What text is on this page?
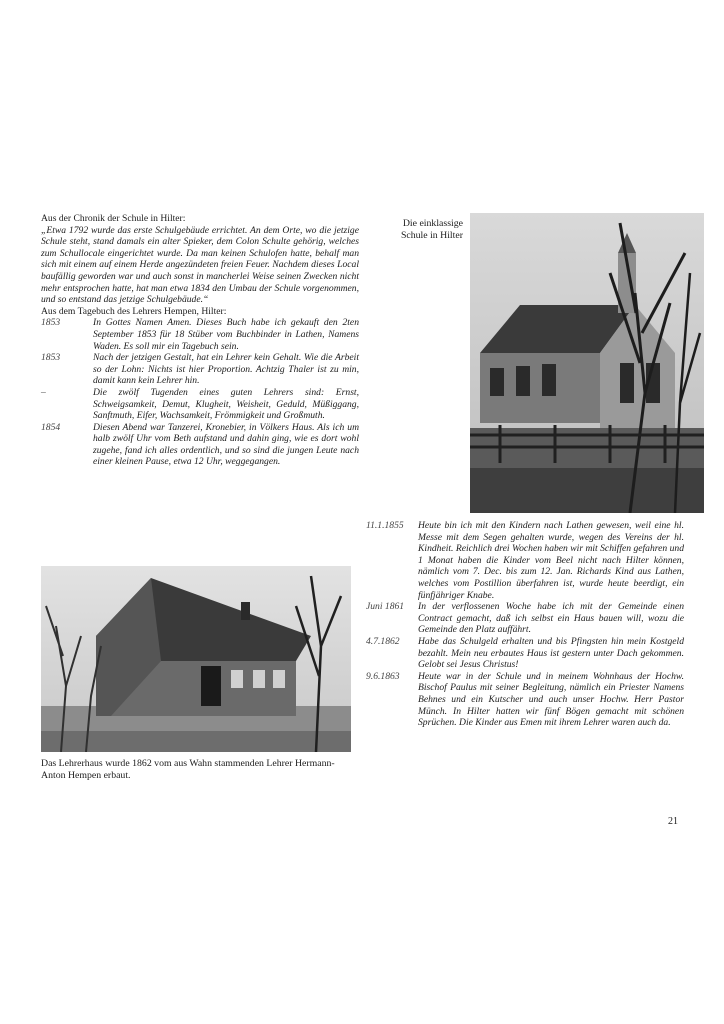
Aus der Chronik der Schule in Hilter:
„Etwa 1792 wurde das erste Schulgebäude errichtet. An dem Orte, wo die jetzige Schule steht, stand damals ein alter Spieker, dem Colon Schulte gehörig, welches zum Schullocale eingerichtet wurde. Da man keinen Schulofen hatte, behalf man sich mit einem auf einem Herde angezündeten freien Feuer. Nachdem dieses Local baufällig geworden war und auch sonst in mancherlei Weise seinen Zwecken nicht mehr entsprochen hatte, hat man etwa 1834 den Umbau der Schule vorgenommen, und so entstand das jetzige Schulgebäude.“
Aus dem Tagebuch des Lehrers Hempen, Hilter:
1853	In Gottes Namen Amen. Dieses Buch habe ich gekauft den 2ten September 1853 für 18 Stüber vom Buchbinder in Lathen, Namens Waden. Es soll mir ein Tagebuch sein.
1853	Nach der jetzigen Gestalt, hat ein Lehrer kein Gehalt. Wie die Arbeit so der Lohn: Nichts ist hier Proportion. Achtzig Thaler ist zu min, damit kann kein Lehrer hin.
–	Die zwölf Tugenden eines guten Lehrers sind: Ernst, Schweigsamkeit, Demut, Klugheit, Weisheit, Geduld, Müßiggang, Sanftmuth, Eifer, Wachsamkeit, Frömmigkeit und Großmuth.
1854	Diesen Abend war Tanzerei, Kronebier, in Völkers Haus. Als ich um halb zwölf Uhr vom Beth aufstand und dahin ging, wie es dort wohl zugehe, fand ich alles ordentlich, und so sind die jungen Leute nach einer kleinen Pause, etwa 12 Uhr, weggegangen.
Die einklassige Schule in Hilter
Das Lehrerhaus wurde 1862 vom aus Wahn stammenden Lehrer Hermann-Anton Hempen erbaut.
11.1.1855	Heute bin ich mit den Kindern nach Lathen gewesen, weil eine hl. Messe mit dem Segen gehalten wurde, wegen des Vereins der hl. Kindheit. Reichlich drei Wochen haben wir mit Schiffen gefahren und 1 Monat haben die Kinder vom Beel nicht nach Hilter können, nämlich vom 7. Dec. bis zum 12. Jan. Richards Kind aus Lathen, welches vom Postillion überfahren ist, wurde heute beerdigt, ein fünfjähriger Knabe.
Juni 1861	In der verflossenen Woche habe ich mit der Gemeinde einen Contract gemacht, daß ich selbst ein Haus bauen will, wozu die Gemeinde den Platz auffährt.
4.7.1862	Habe das Schulgeld erhalten und bis Pfingsten hin mein Kostgeld bezahlt. Mein neu erbautes Haus ist gestern unter Dach gekommen. Gelobt sei Jesus Christus!
9.6.1863	Heute war in der Schule und in meinem Wohnhaus der Hochw. Bischof Paulus mit seiner Begleitung, nämlich ein Priester Namens Behnes und ein Kutscher und auch unser Hochw. Herr Pastor Münch. In Hilter hatten wir fünf Bögen gemacht mit schönen Sprüchen. Die Kinder aus Emen mit ihrem Lehrer waren auch da.
21
